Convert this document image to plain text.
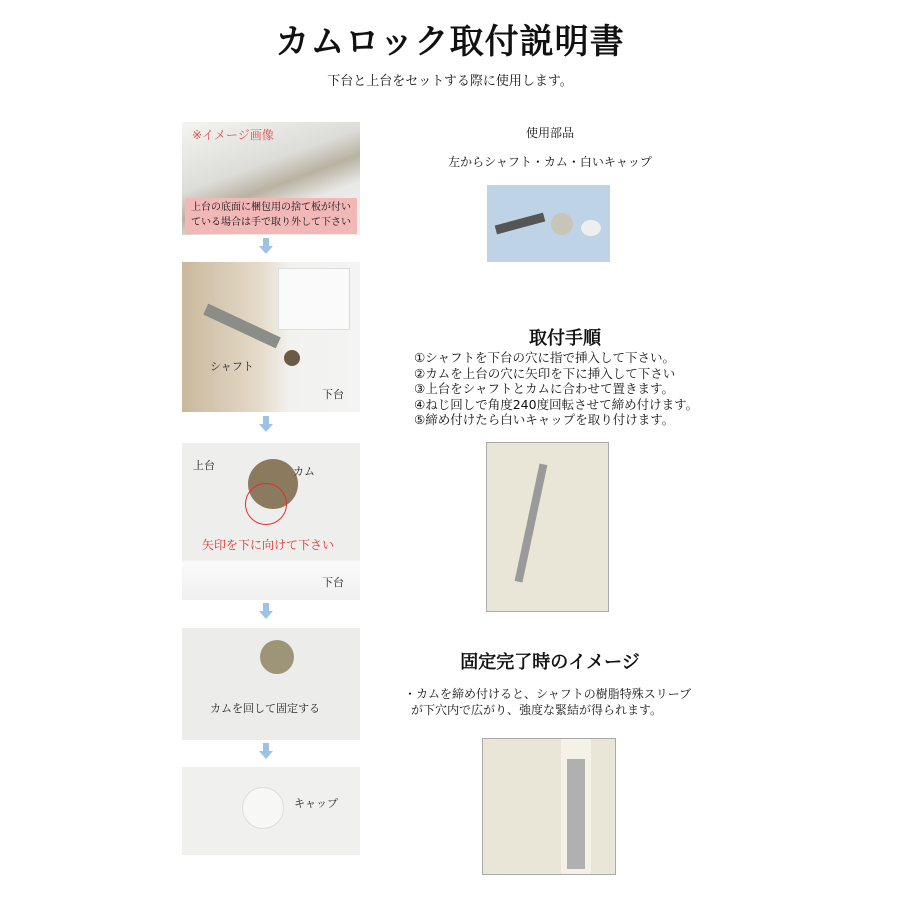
カムロック取付説明書
下台と上台をセットする際に使用します。
※イメージ画像
上台の底面に梱包用の捨て板が付い
ている場合は手で取り外して下さい
シャフト
下台
上台	カム
矢印を下に向けて下さい
下台
カムを回して固定する
キャップ
使用部品
左からシャフト・カム・白いキャップ
取付手順
①シャフトを下台の穴に指で挿入して下さい。
②カムを上台の穴に矢印を下に挿入して下さい
③上台をシャフトとカムに合わせて置きます。
④ねじ回しで角度240度回転させて締め付けます。
⑤締め付けたら白いキャップを取り付けます。
固定完了時のイメージ
・カムを締め付けると、シャフトの樹脂特殊スリーブ
が下穴内で広がり、強度な緊結が得られます。
